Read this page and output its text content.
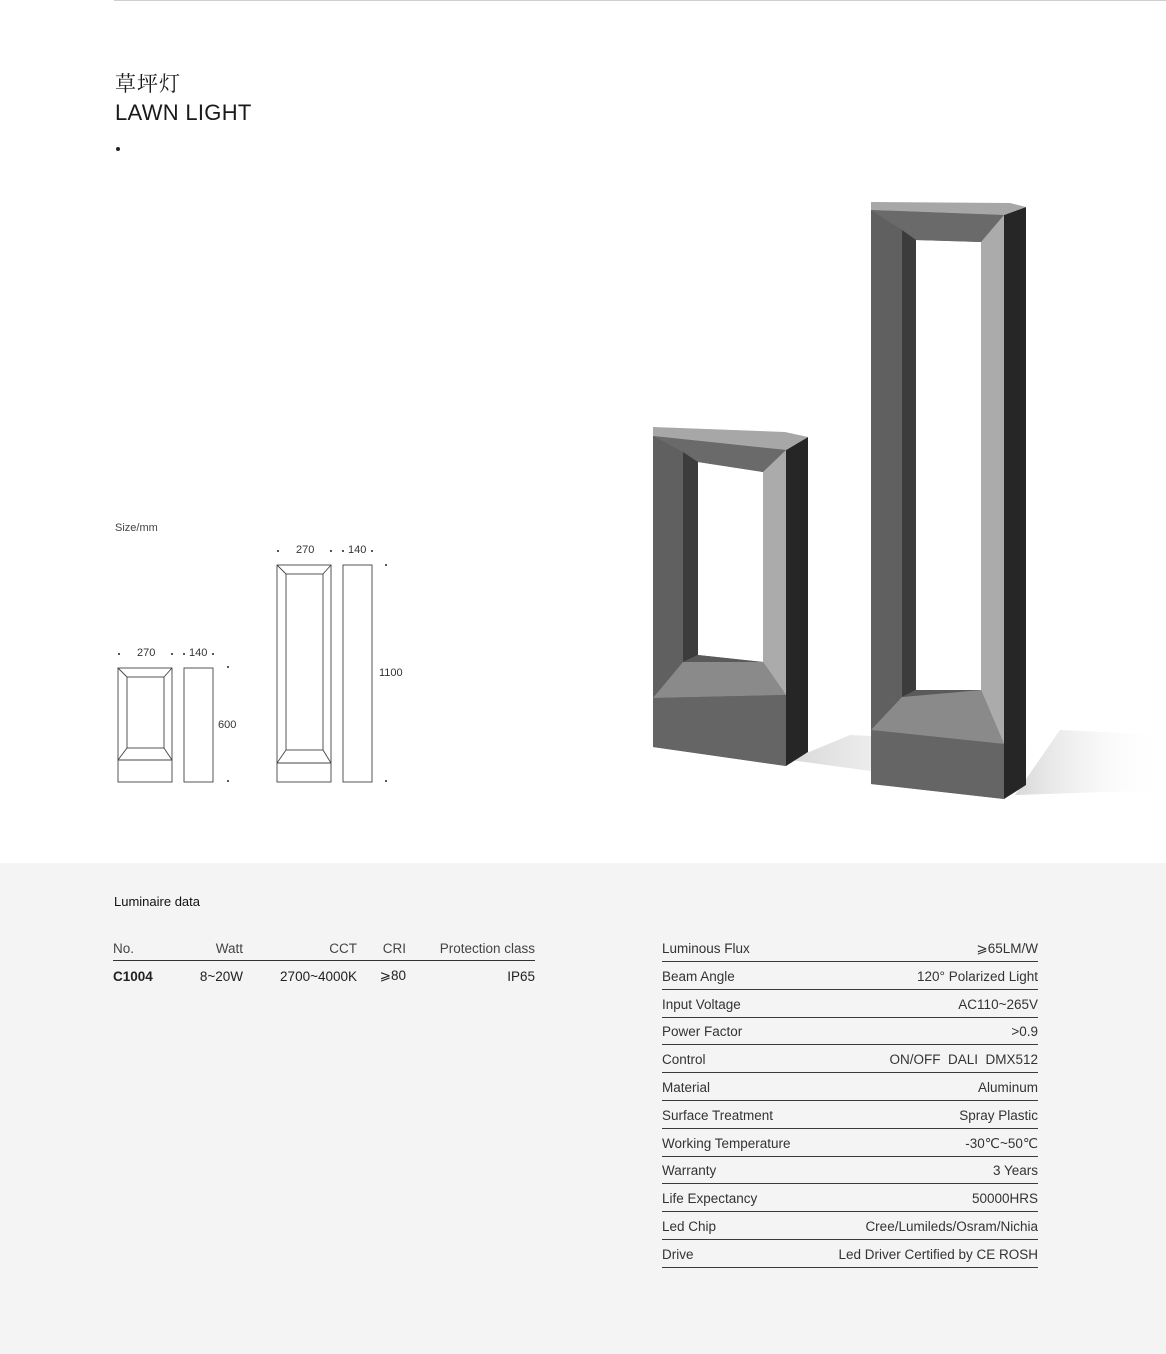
草坪灯
LAWN LIGHT
Size/mm
270	140
600
270	140
1100
Luminaire data
No.	Watt	CCT	CRI	Protection class
C1004	8~20W	2700~4000K	⩾80	IP65
Luminous Flux	⩾65LM/W
Beam Angle	120° Polarized Light
Input Voltage	AC110~265V
Power Factor	>0.9
Control	ON/OFF  DALI  DMX512
Material	Aluminum
Surface Treatment	Spray Plastic
Working Temperature	-30℃~50℃
Warranty	3 Years
Life Expectancy	50000HRS
Led Chip	Cree/Lumileds/Osram/Nichia
Drive	Led Driver Certified by CE ROSH
